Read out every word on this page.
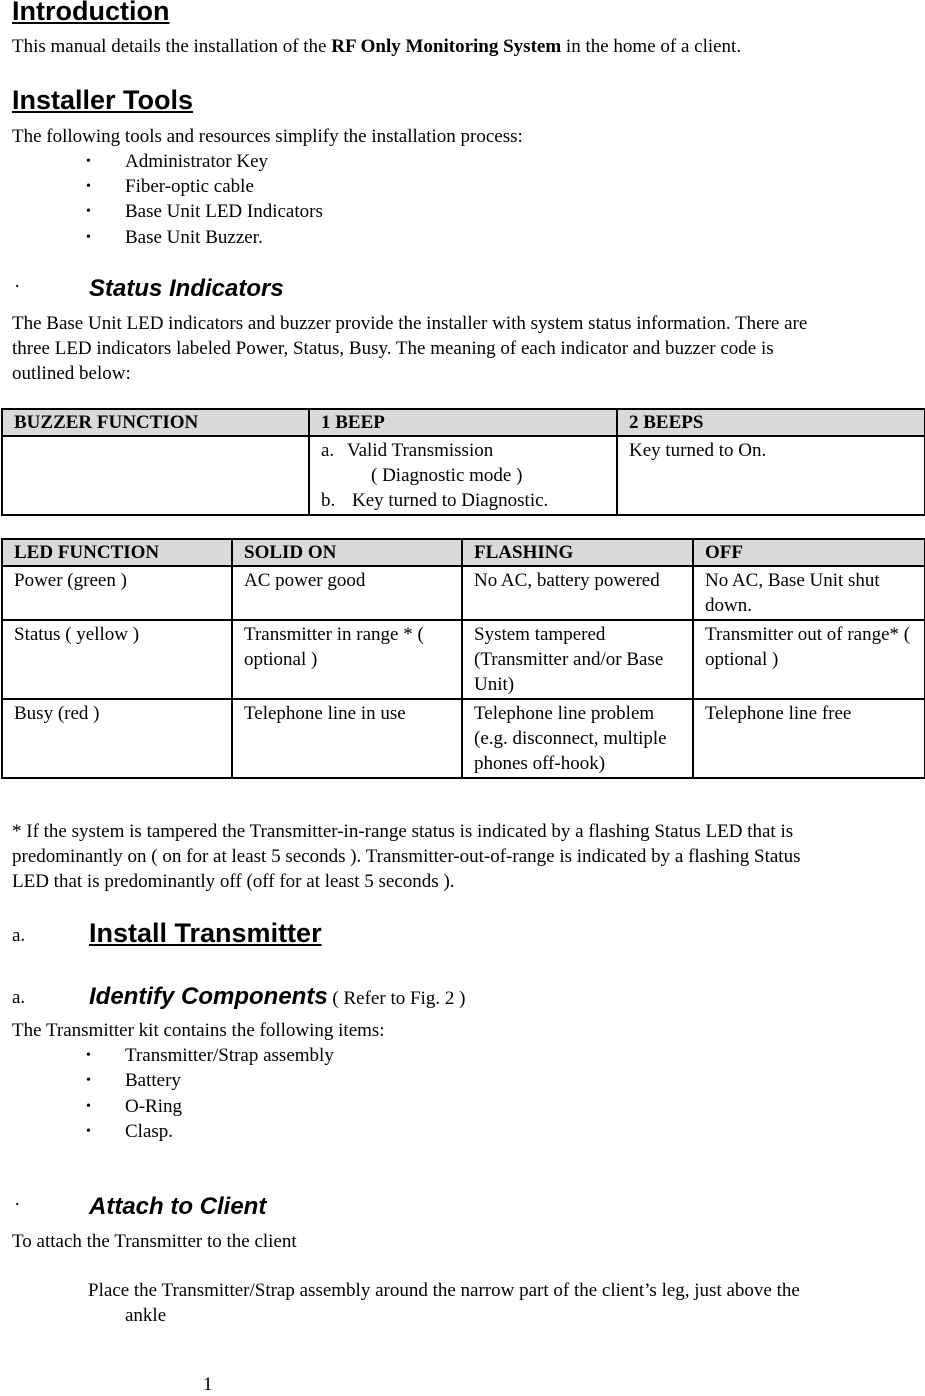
Introduction
This manual details the installation of the RF Only Monitoring System in the home of a client.
Installer Tools
The following tools and resources simplify the installation process:
• Administrator Key
• Fiber-optic cable
• Base Unit LED Indicators
• Base Unit Buzzer.
·	Status Indicators
The Base Unit LED indicators and buzzer provide the installer with system status information. There are
three LED indicators labeled Power, Status, Busy. The meaning of each indicator and buzzer code is
outlined below:
BUZZER FUNCTION	1 BEEP	2 BEEPS

	a. Valid Transmission
( Diagnostic mode )
b. Key turned to Diagnostic.	Key turned to On.
LED FUNCTION	SOLID ON	FLASHING	OFF
Power (green )	AC power good	No AC, battery powered	No AC, Base Unit shut down.
Status ( yellow )	Transmitter in range * ( optional )	System tampered (Transmitter and/or Base Unit)	Transmitter out of range* ( optional )
Busy (red )	Telephone line in use	Telephone line problem (e.g. disconnect, multiple phones off-hook)	Telephone line free
* If the system is tampered the Transmitter-in-range status is indicated by a flashing Status LED that is
predominantly on ( on for at least 5 seconds ). Transmitter-out-of-range is indicated by a flashing Status
LED that is predominantly off (off for at least 5 seconds ).
a. Install Transmitter
a.	Identify Components ( Refer to Fig. 2 )
The Transmitter kit contains the following items:
• Transmitter/Strap assembly
• Battery
• O-Ring
• Clasp.
·	Attach to Client
To attach the Transmitter to the client
Place the Transmitter/Strap assembly around the narrow part of the client’s leg, just above the
ankle
1
